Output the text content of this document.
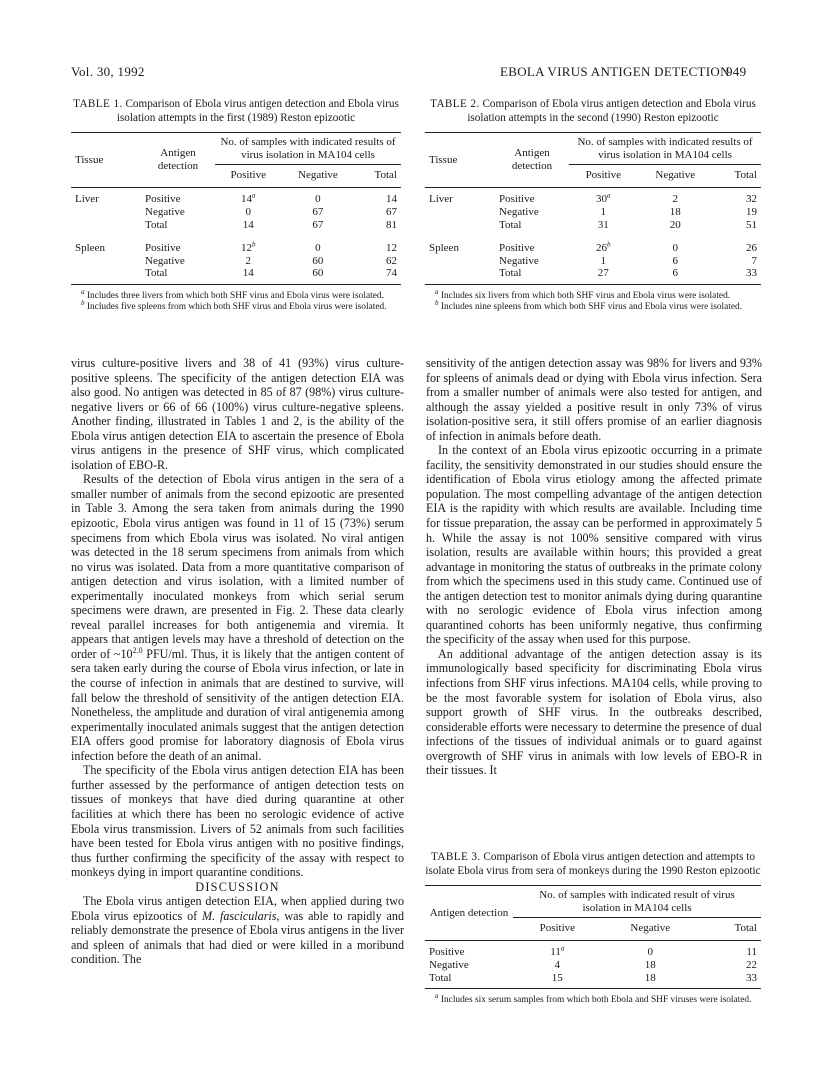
Vol. 30, 1992	EBOLA VIRUS ANTIGEN DETECTION
949
TABLE 1. Comparison of Ebola virus antigen detection and Ebola virus isolation attempts in the first (1989) Reston epizootic
Tissue	Antigen detection	No. of samples with indicated results of virus isolation in MA104 cells		
		Positive	Negative	Total

Liver	Positive	14$^a$	0	14
	Negative	0	67	67
	Total	14	67	81

Spleen	Positive	12$^b$	0	12
	Negative	2	60	62
	Total	14	60	74

$^a$ Includes three livers from which both SHF virus and Ebola virus were isolated.

$^b$ Includes five spleens from which both SHF virus and Ebola virus were isolated.

TABLE 2. Comparison of Ebola virus antigen detection and Ebola virus isolation attempts in the second (1990) Reston epizootic
Tissue	Antigen detection	No. of samples with indicated results of virus isolation in MA104 cells		
		Positive	Negative	Total

Liver	Positive	30$^a$	2	32
	Negative	1	18	19
	Total	31	20	51

Spleen	Positive	26$^b$	0	26
	Negative	1	6	7
	Total	27	6	33

$^a$ Includes six livers from which both SHF virus and Ebola virus were isolated.

$^b$ Includes nine spleens from which both SHF virus and Ebola virus were isolated.

virus culture-positive livers and 38 of 41 (93%) virus culture-positive spleens. The specificity of the antigen detection EIA was also good. No antigen was detected in 85 of 87 (98%) virus culture-negative livers or 66 of 66 (100%) virus culture-negative spleens. Another finding, illustrated in Tables 1 and 2, is the ability of the Ebola virus antigen detection EIA to ascertain the presence of Ebola virus antigens in the presence of SHF virus, which complicated isolation of EBO-R.

Results of the detection of Ebola virus antigen in the sera of a smaller number of animals from the second epizootic are presented in Table 3. Among the sera taken from animals during the 1990 epizootic, Ebola virus antigen was found in 11 of 15 (73%) serum specimens from which Ebola virus was isolated. No viral antigen was detected in the 18 serum specimens from animals from which no virus was isolated. Data from a more quantitative comparison of antigen detection and virus isolation, with a limited number of experimentally inoculated monkeys from which serial serum specimens were drawn, are presented in Fig. 2. These data clearly reveal parallel increases for both antigenemia and viremia. It appears that antigen levels may have a threshold of detection on the order of $\sim 10^{2.0}$ PFU/ml. Thus, it is likely that the antigen content of sera taken early during the course of Ebola virus infection, or late in the course of infection in animals that are destined to survive, will fall below the threshold of sensitivity of the antigen detection EIA. Nonetheless, the amplitude and duration of viral antigenemia among experimentally inoculated animals suggest that the antigen detection EIA offers good promise for laboratory diagnosis of Ebola virus infection before the death of an animal.

The specificity of the Ebola virus antigen detection EIA has been further assessed by the performance of antigen detection tests on tissues of monkeys that have died during quarantine at other facilities at which there has been no serologic evidence of active Ebola virus transmission. Livers of 52 animals from such facilities have been tested for Ebola virus antigen with no positive findings, thus further confirming the specificity of the assay with respect to monkeys dying in import quarantine conditions.

DISCUSSION

The Ebola virus antigen detection EIA, when applied during two Ebola virus epizootics of M. fascicularis, was able to rapidly and reliably demonstrate the presence of Ebola virus antigens in the liver and spleen of animals that had died or were killed in a moribund condition. The

sensitivity of the antigen detection assay was 98% for livers and 93% for spleens of animals dead or dying with Ebola virus infection. Sera from a smaller number of animals were also tested for antigen, and although the assay yielded a positive result in only 73% of virus isolation-positive sera, it still offers promise of an earlier diagnosis of infection in animals before death.

In the context of an Ebola virus epizootic occurring in a primate facility, the sensitivity demonstrated in our studies should ensure the identification of Ebola virus etiology among the affected primate population. The most compelling advantage of the antigen detection EIA is the rapidity with which results are available. Including time for tissue preparation, the assay can be performed in approximately 5 h. While the assay is not 100% sensitive compared with virus isolation, results are available within hours; this provided a great advantage in monitoring the status of outbreaks in the primate colony from which the specimens used in this study came. Continued use of the antigen detection test to monitor animals dying during quarantine with no serologic evidence of Ebola virus infection among quarantined cohorts has been uniformly negative, thus confirming the specificity of the assay when used for this purpose.

An additional advantage of the antigen detection assay is its immunologically based specificity for discriminating Ebola virus infections from SHF virus infections. MA104 cells, while proving to be the most favorable system for isolation of Ebola virus, also support growth of SHF virus. In the outbreaks described, considerable efforts were necessary to determine the presence of dual infections of the tissues of individual animals or to guard against overgrowth of SHF virus in animals with low levels of EBO-R in their tissues. It

TABLE 3. Comparison of Ebola virus antigen detection and attempts to isolate Ebola virus from sera of monkeys during the 1990 Reston epizootic
Antigen detection	No. of samples with indicated result of virus isolation in MA104 cells		
	Positive	Negative	Total

Positive	11$^a$	0	11
Negative	4	18	22
Total	15	18	33

$^a$ Includes six serum samples from which both Ebola and SHF viruses were isolated.
